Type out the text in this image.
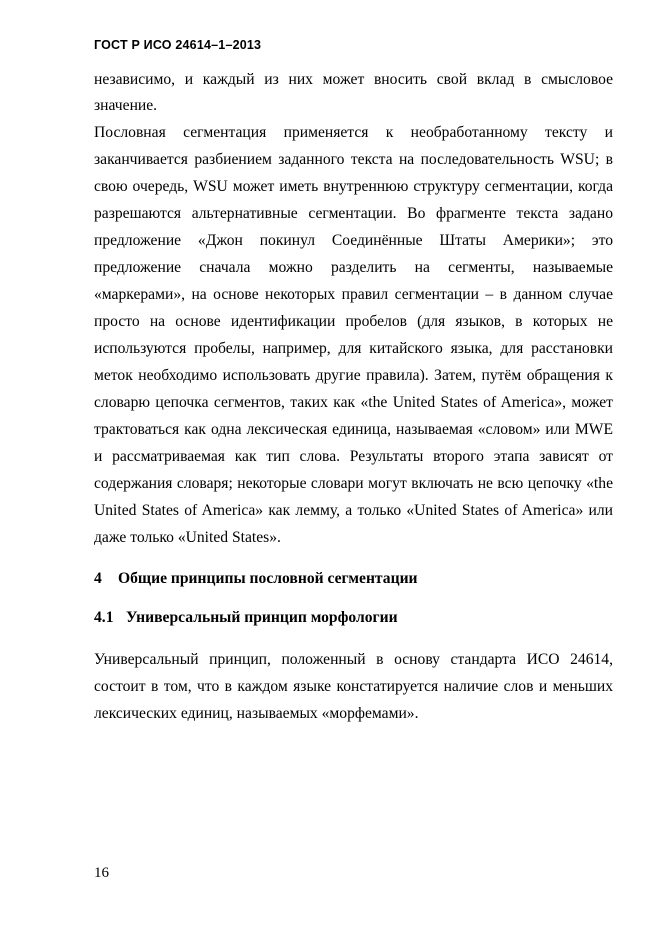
ГОСТ Р ИСО 24614–1–2013
независимо, и каждый из них может вносить свой вклад в смысловое
значение.
Пословная сегментация применяется к необработанному тексту и
заканчивается разбиением заданного текста на последовательность WSU; в
свою очередь, WSU может иметь внутреннюю структуру сегментации, когда
разрешаются альтернативные сегментации. Во фрагменте текста задано
предложение «Джон покинул Соединённые Штаты Америки»; это
предложение сначала можно разделить на сегменты, называемые
«маркерами», на основе некоторых правил сегментации – в данном случае
просто на основе идентификации пробелов (для языков, в которых не
используются пробелы, например, для китайского языка, для расстановки
меток необходимо использовать другие правила). Затем, путём обращения к
словарю цепочка сегментов, таких как «the United States of America», может
трактоваться как одна лексическая единица, называемая «словом» или MWE
и рассматриваемая как тип слова. Результаты второго этапа зависят от
содержания словаря; некоторые словари могут включать не всю цепочку «the
United States of America» как лемму, а только «United States of America» или
даже только «United States».
4 Общие принципы пословной сегментации
4.1 Универсальный принцип морфологии
Универсальный принцип, положенный в основу стандарта ИСО 24614,
состоит в том, что в каждом языке констатируется наличие слов и меньших
лексических единиц, называемых «морфемами».
16
